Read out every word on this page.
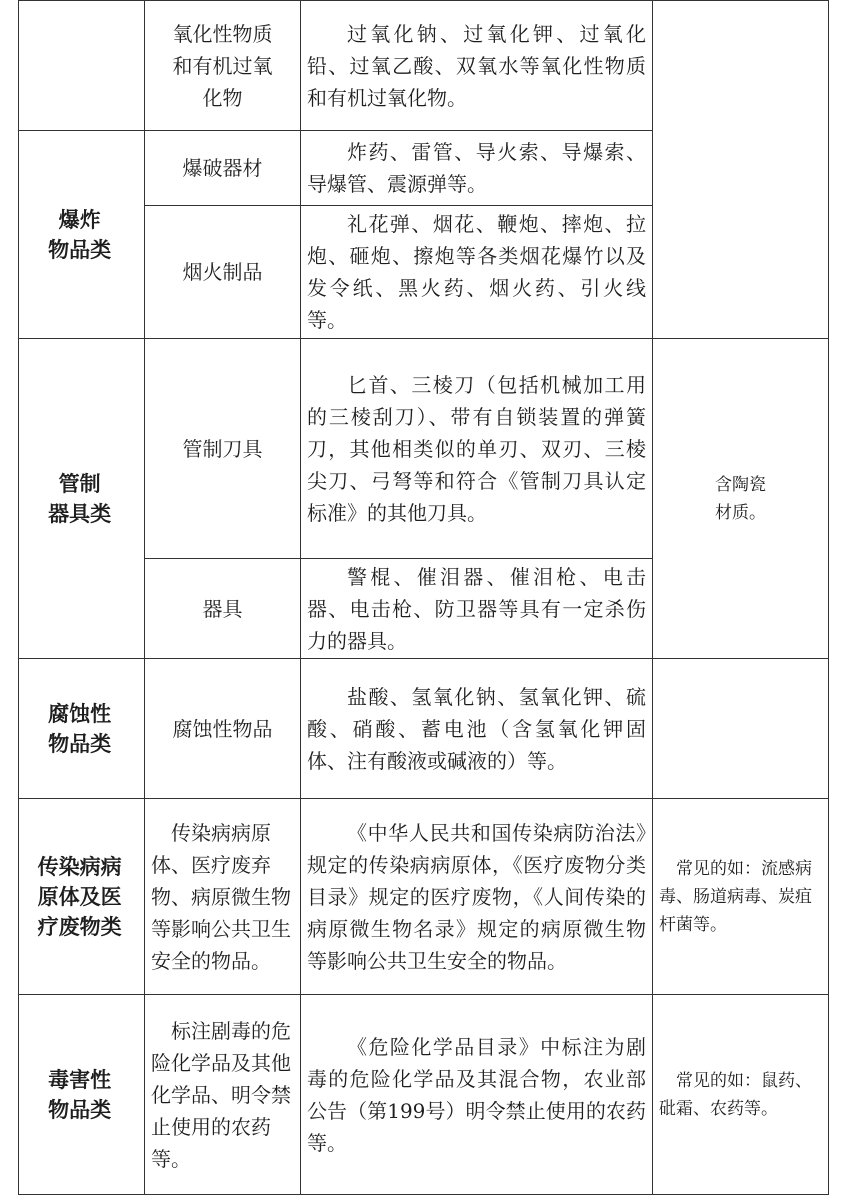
	氧化性物质
和有机过氧
化物	过氧化钠、过氧化钾、过氧化铅、过氧乙酸、双氧水等氧化性物质和有机过氧化物。	

爆炸
物品类	爆破器材	炸药、雷管、导火索、导爆索、导爆管、震源弹等。	

	烟火制品	礼花弹、烟花、鞭炮、摔炮、拉炮、砸炮、擦炮等各类烟花爆竹以及发令纸、黑火药、烟火药、引火线等。	

管制
器具类	管制刀具	匕首、三棱刀（包括机械加工用的三棱刮刀）、带有自锁装置的弹簧刀，其他相类似的单刃、双刃、三棱尖刀、弓弩等和符合《管制刀具认定标准》的其他刀具。	含陶瓷
材质。

	器具	警棍、催泪器、催泪枪、电击器、电击枪、防卫器等具有一定杀伤力的器具。	

腐蚀性
物品类	腐蚀性物品	盐酸、氢氧化钠、氢氧化钾、硫酸、硝酸、蓄电池（含氢氧化钾固体、注有酸液或碱液的）等。	

传染病病
原体及医
疗废物类	传染病病原体、医疗废弃物、病原微生物等影响公共卫生安全的物品。	《中华人民共和国传染病防治法》规定的传染病病原体，《医疗废物分类目录》规定的医疗废物，《人间传染的病原微生物名录》规定的病原微生物等影响公共卫生安全的物品。	常见的如：流感病毒、肠道病毒、炭疽杆菌等。

毒害性
物品类	标注剧毒的危险化学品及其他化学品、明令禁止使用的农药等。	《危险化学品目录》中标注为剧毒的危险化学品及其混合物，农业部公告（第199号）明令禁止使用的农药等。	常见的如：鼠药、砒霜、农药等。
